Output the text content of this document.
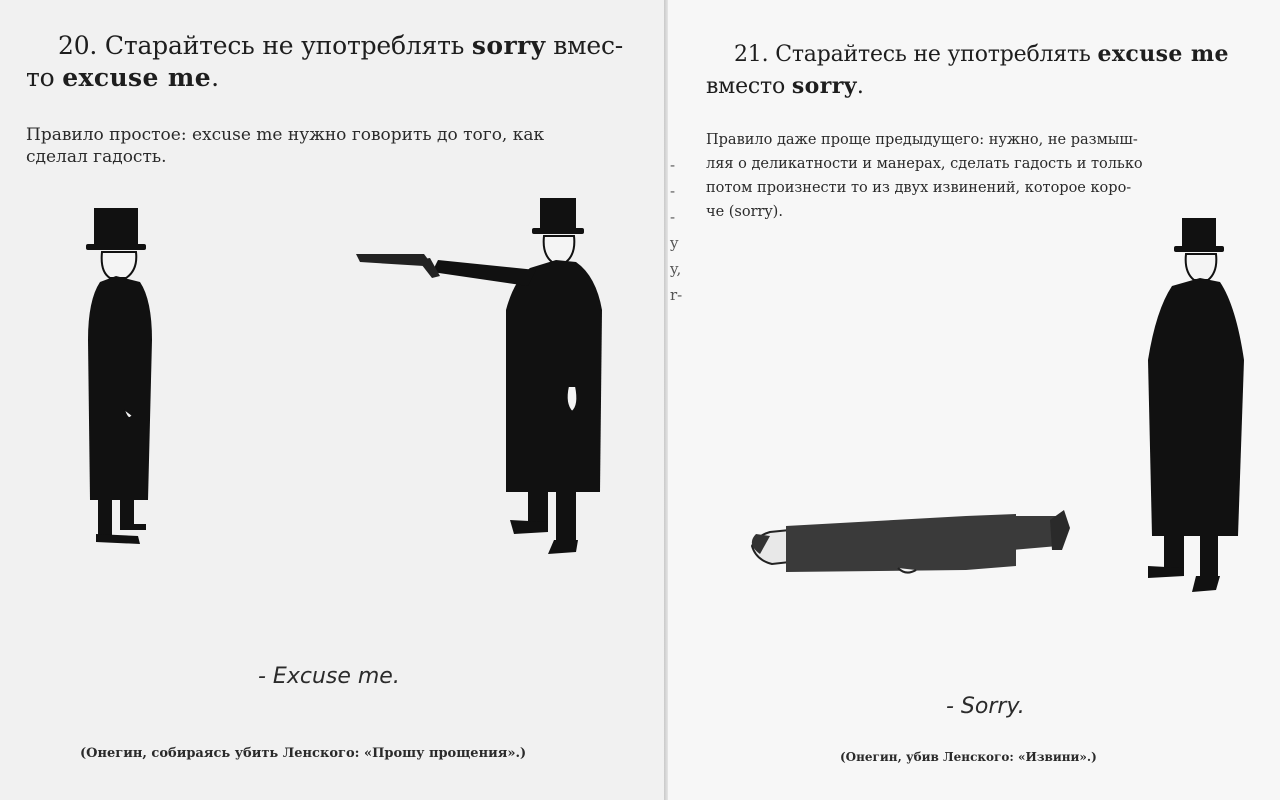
20. Старайтесь не употреблять sorry вмес-
то excuse me.
Правило простое: excuse me нужно говорить до того, как
сделал гадость.
- Excuse me.
(Онегин, собираясь убить Ленского: «Прошу прощения».)
21. Старайтесь не употреблять excuse me
вместо sorry.
Правило даже проще предыдущего: нужно, не размыш-
ляя о деликатности и манерах, сделать гадость и только
потом произнести то из двух извинений, которое коро-
че (sorry).
- Sorry.
(Онегин, убив Ленского: «Извини».)
-
-
-
y
y,
r-
